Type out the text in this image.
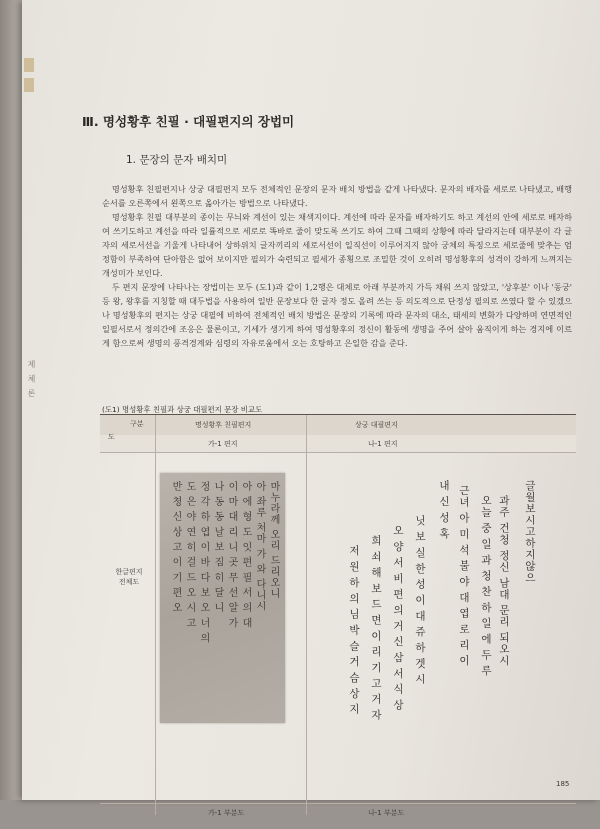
제 체 론
Ⅲ. 명성황후 친필 · 대필편지의 장법미
1. 문장의 문자 배치미

명성황후 친필편지나 상궁 대필편지 모두 전체적인 문장의 문자 배치 방법을 같게 나타냈다. 문자의 배자를 세로로 나타냈고, 배행 순서를 오른쪽에서 왼쪽으로 옮아가는 방법으로 나타냈다.

명성황후 친필 대부분의 종이는 무늬와 계선이 있는 채색지이다. 계선에 따라 문자를 배자하기도 하고 계선의 안에 세로로 배자하여 쓰기도하고 계선을 따라 일률적으로 세로로 똑바로 줄이 맞도록 쓰기도 하여 그때 그때의 상황에 따라 달라지는데 대부분이 각 글자의 세로서선을 기울게 나타내어 상하위치 글자끼리의 세로서선이 일직선이 이루어지지 않아 궁체의 특징으로 세로줄에 맞추는 엄정함이 부족하여 단아함은 없어 보이지만 필의가 숙련되고 필세가 종횡으로 조밀한 것이 오히려 명성황후의 성격이 강하게 느껴지는 개성미가 보인다.

두 편지 문장에 나타나는 장법미는 모두 (도1)과 같이 1,2행은 대체로 아래 부분까지 가득 채워 쓰지 않았고, '상후분' 이나 '동궁' 등 왕, 왕후를 지칭할 때 대두법을 사용하여 일반 문장보다 한 글자 정도 올려 쓰는 등 의도적으로 단정성 필의로 쓰였다 할 수 있겠으나 명성황후의 편지는 상궁 대필에 비하여 전체적인 배치 방법은 문장의 기록에 따라 문자의 대소, 태세의 변화가 다양하며 연면적인 일필서로서 정의간에 조응은 물론이고, 기세가 생기게 하여 명성황후의 정신이 활동에 생명을 주어 살아 움직이게 하는 경지에 이르게 함으로써 생명의 풍격경계와 심령의 자유로움에서 오는 호탕하고 은일한 감을 준다.

(도1) 명성황후 친필과 상궁 대필편지 문장 비교도
구분
도
명성황후 친필편지	상궁 대필편지
가-1 편지	나-1 편지
한글편지
전체도
가-1 부분도	나-1 부분도
글월보시고하지않으
과주 건청 정신 남대 문리 되오시
오늘 중 일 과 청 찬 하 일 에 두 루
근녀 아 미 석 불 야 대 엽 로 리 이
내 신 성 혹
닛 보 실 한 성 이 대 쥬 하 겟 시
오 양 서 비 편 의 거 신 삼 서 식 상
희 쇠 해 보 드 면 이 리 기 고 거 자
저 원 하 의 님 박 슬 거 슴 상 지
마누라께 오리 드리오니
아 좌루 처마 가 와 다니시
아 에 형 도 잇 편 필 서 의 대
이 마 대 리 니 곳 무 선 알 가
나 동 동 날 보 짐 히 달 니
정 각 하 엽 이 바 다 보 오 너 의
도 은 야 연 히 걸 드 오 시 고
반 쳥 신 상 고 이 기 편 오
185
